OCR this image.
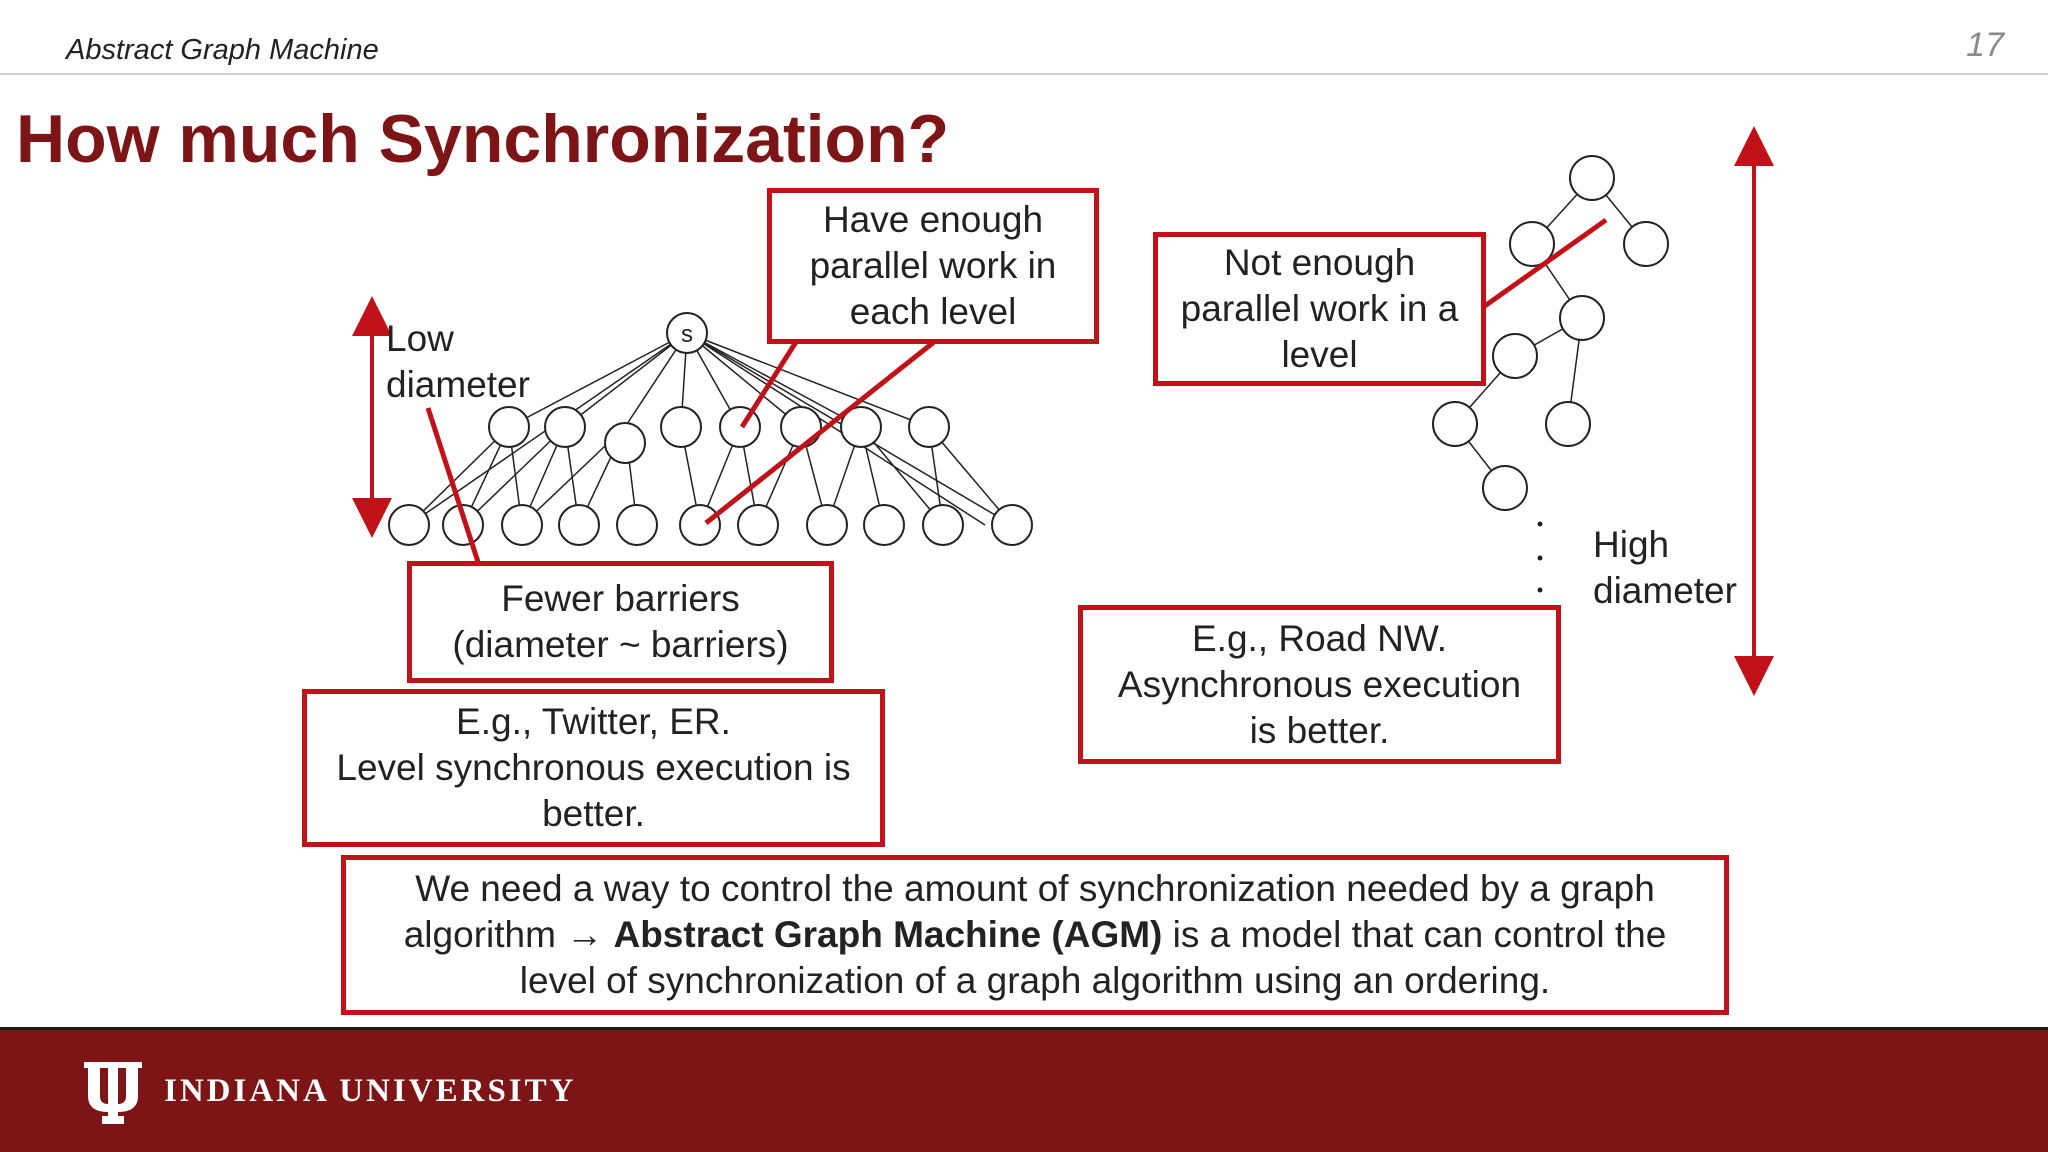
Abstract Graph Machine	17
How much Synchronization?
s
Low
diameter
High
diameter
Have enough
parallel work in
each level
Not enough
parallel work in a
level
Fewer barriers
(diameter ~ barriers)
E.g., Twitter, ER.
Level synchronous execution is
better.
E.g., Road NW.
Asynchronous execution
is better.
We need a way to control the amount of synchronization needed by a graph
algorithm → Abstract Graph Machine (AGM) is a model that can control the
level of synchronization of a graph algorithm using an ordering.
INDIANA UNIVERSITY
